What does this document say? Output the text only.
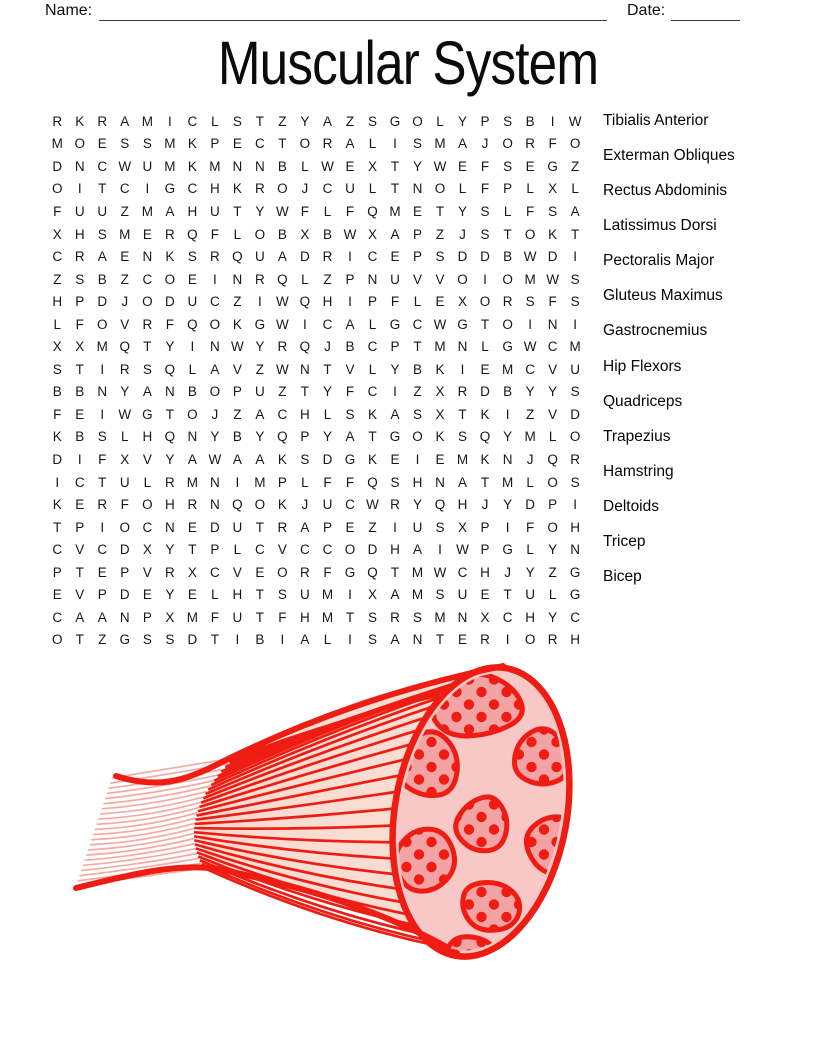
Name:	Date:
Muscular System
R K R A M	I	C	L	S	T	Z	Y	A	Z	S G O	L	Y	P	S	B	I	W
M O E	S	S M K	P	E C	T O R A	L	I	S M A	J	O R	F O
D N C W U M K M N N B	L W E	X	T	Y W E	F	S	E G Z
O	I	T	C	I	G C H K R O	J	C U	L	T	N O	L	F	P	L	X	L
F	U U	Z M A H U	T	Y W F	L	F Q M E	T	Y	S	L	F	S	A
X H S M E R Q F	L	O B	X	B W X	A	P	Z	J	S	T O K	T
C R A	E N K	S R Q U A D R	I	C E	P	S D D B W D	I
Z	S	B	Z	C O E	I	N R Q	L	Z	P N U V	V O	I	O M W S
H P D	J	O D U C	Z	I	W Q H	I	P	F	L	E	X O R S	F	S
L	F O V R	F Q O K G W	I	C A	L	G C W G T O	I	N	I
X	X M Q T	Y	I	N W Y R Q	J	B C P	T M N	L	G W C M
S	T	I	R S Q	L	A	V	Z W N	T	V	L	Y	B	K	I	E M C V U
B	B N Y	A N B O P U	Z	T	Y	F	C	I	Z	X R D B	Y	Y	S
F	E	I	W G T O	J	Z	A C H	L	S	K	A	S	X	T	K	I	Z	V D
K	B	S	L	H Q N Y	B	Y Q P	Y	A	T G O K	S Q Y M L	O
D	I	F	X	V	Y	A W A	A	K	S D G K	E	I	E M K N	J	Q R
I	C	T	U	L	R M N	I	M P	L	F	F Q S H N A	T M L	O S
K	E R	F O H R N Q O K	J	U C W R Y Q H	J	Y D P	I
T	P	I	O C N E D U	T	R A	P	E	Z	I	U S	X	P	I	F O H
C V C D X	Y	T	P	L	C V C C O D H A	I	W P G	L	Y N
P	T	E	P	V R X C V	E O R	F G Q T M W C H	J	Y	Z G
E	V	P D E	Y	E	L	H	T	S U M	I	X	A M S U E	T	U	L	G
C A	A N P	X M F	U	T	F	H M T	S R S M N X C H Y C
O T	Z G S	S D	T	I	B	I	A	L	I	S	A N	T	E R	I	O R H
Tibialis Anterior
Exterman Obliques
Rectus Abdominis
Latissimus Dorsi
Pectoralis Major
Gluteus Maximus
Gastrocnemius
Hip Flexors
Quadriceps
Trapezius
Hamstring
Deltoids
Tricep
Bicep
